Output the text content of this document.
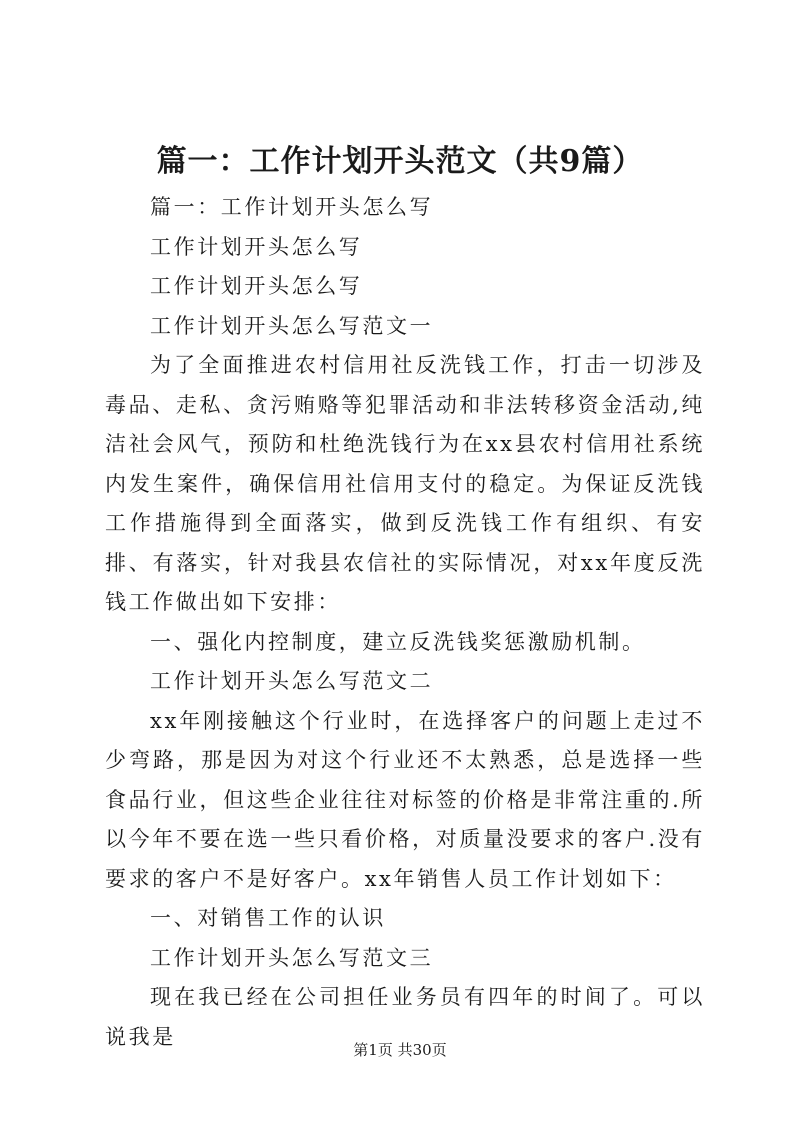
篇一：工作计划开头范文（共9篇）

篇一：工作计划开头怎么写

工作计划开头怎么写

工作计划开头怎么写

工作计划开头怎么写范文一

为了全面推进农村信用社反洗钱工作，打击一切涉及毒品、走私、贪污贿赂等犯罪活动和非法转移资金活动,纯洁社会风气，预防和杜绝洗钱行为在xx县农村信用社系统内发生案件，确保信用社信用支付的稳定。为保证反洗钱工作措施得到全面落实，做到反洗钱工作有组织、有安排、有落实，针对我县农信社的实际情况，对xx年度反洗钱工作做出如下安排：

一、强化内控制度，建立反洗钱奖惩激励机制。

工作计划开头怎么写范文二

xx年刚接触这个行业时，在选择客户的问题上走过不少弯路，那是因为对这个行业还不太熟悉，总是选择一些食品行业，但这些企业往往对标签的价格是非常注重的.所以今年不要在选一些只看价格，对质量没要求的客户.没有要求的客户不是好客户。xx年销售人员工作计划如下：

一、对销售工作的认识

工作计划开头怎么写范文三

现在我已经在公司担任业务员有四年的时间了。可以说我是

第1页 共30页
